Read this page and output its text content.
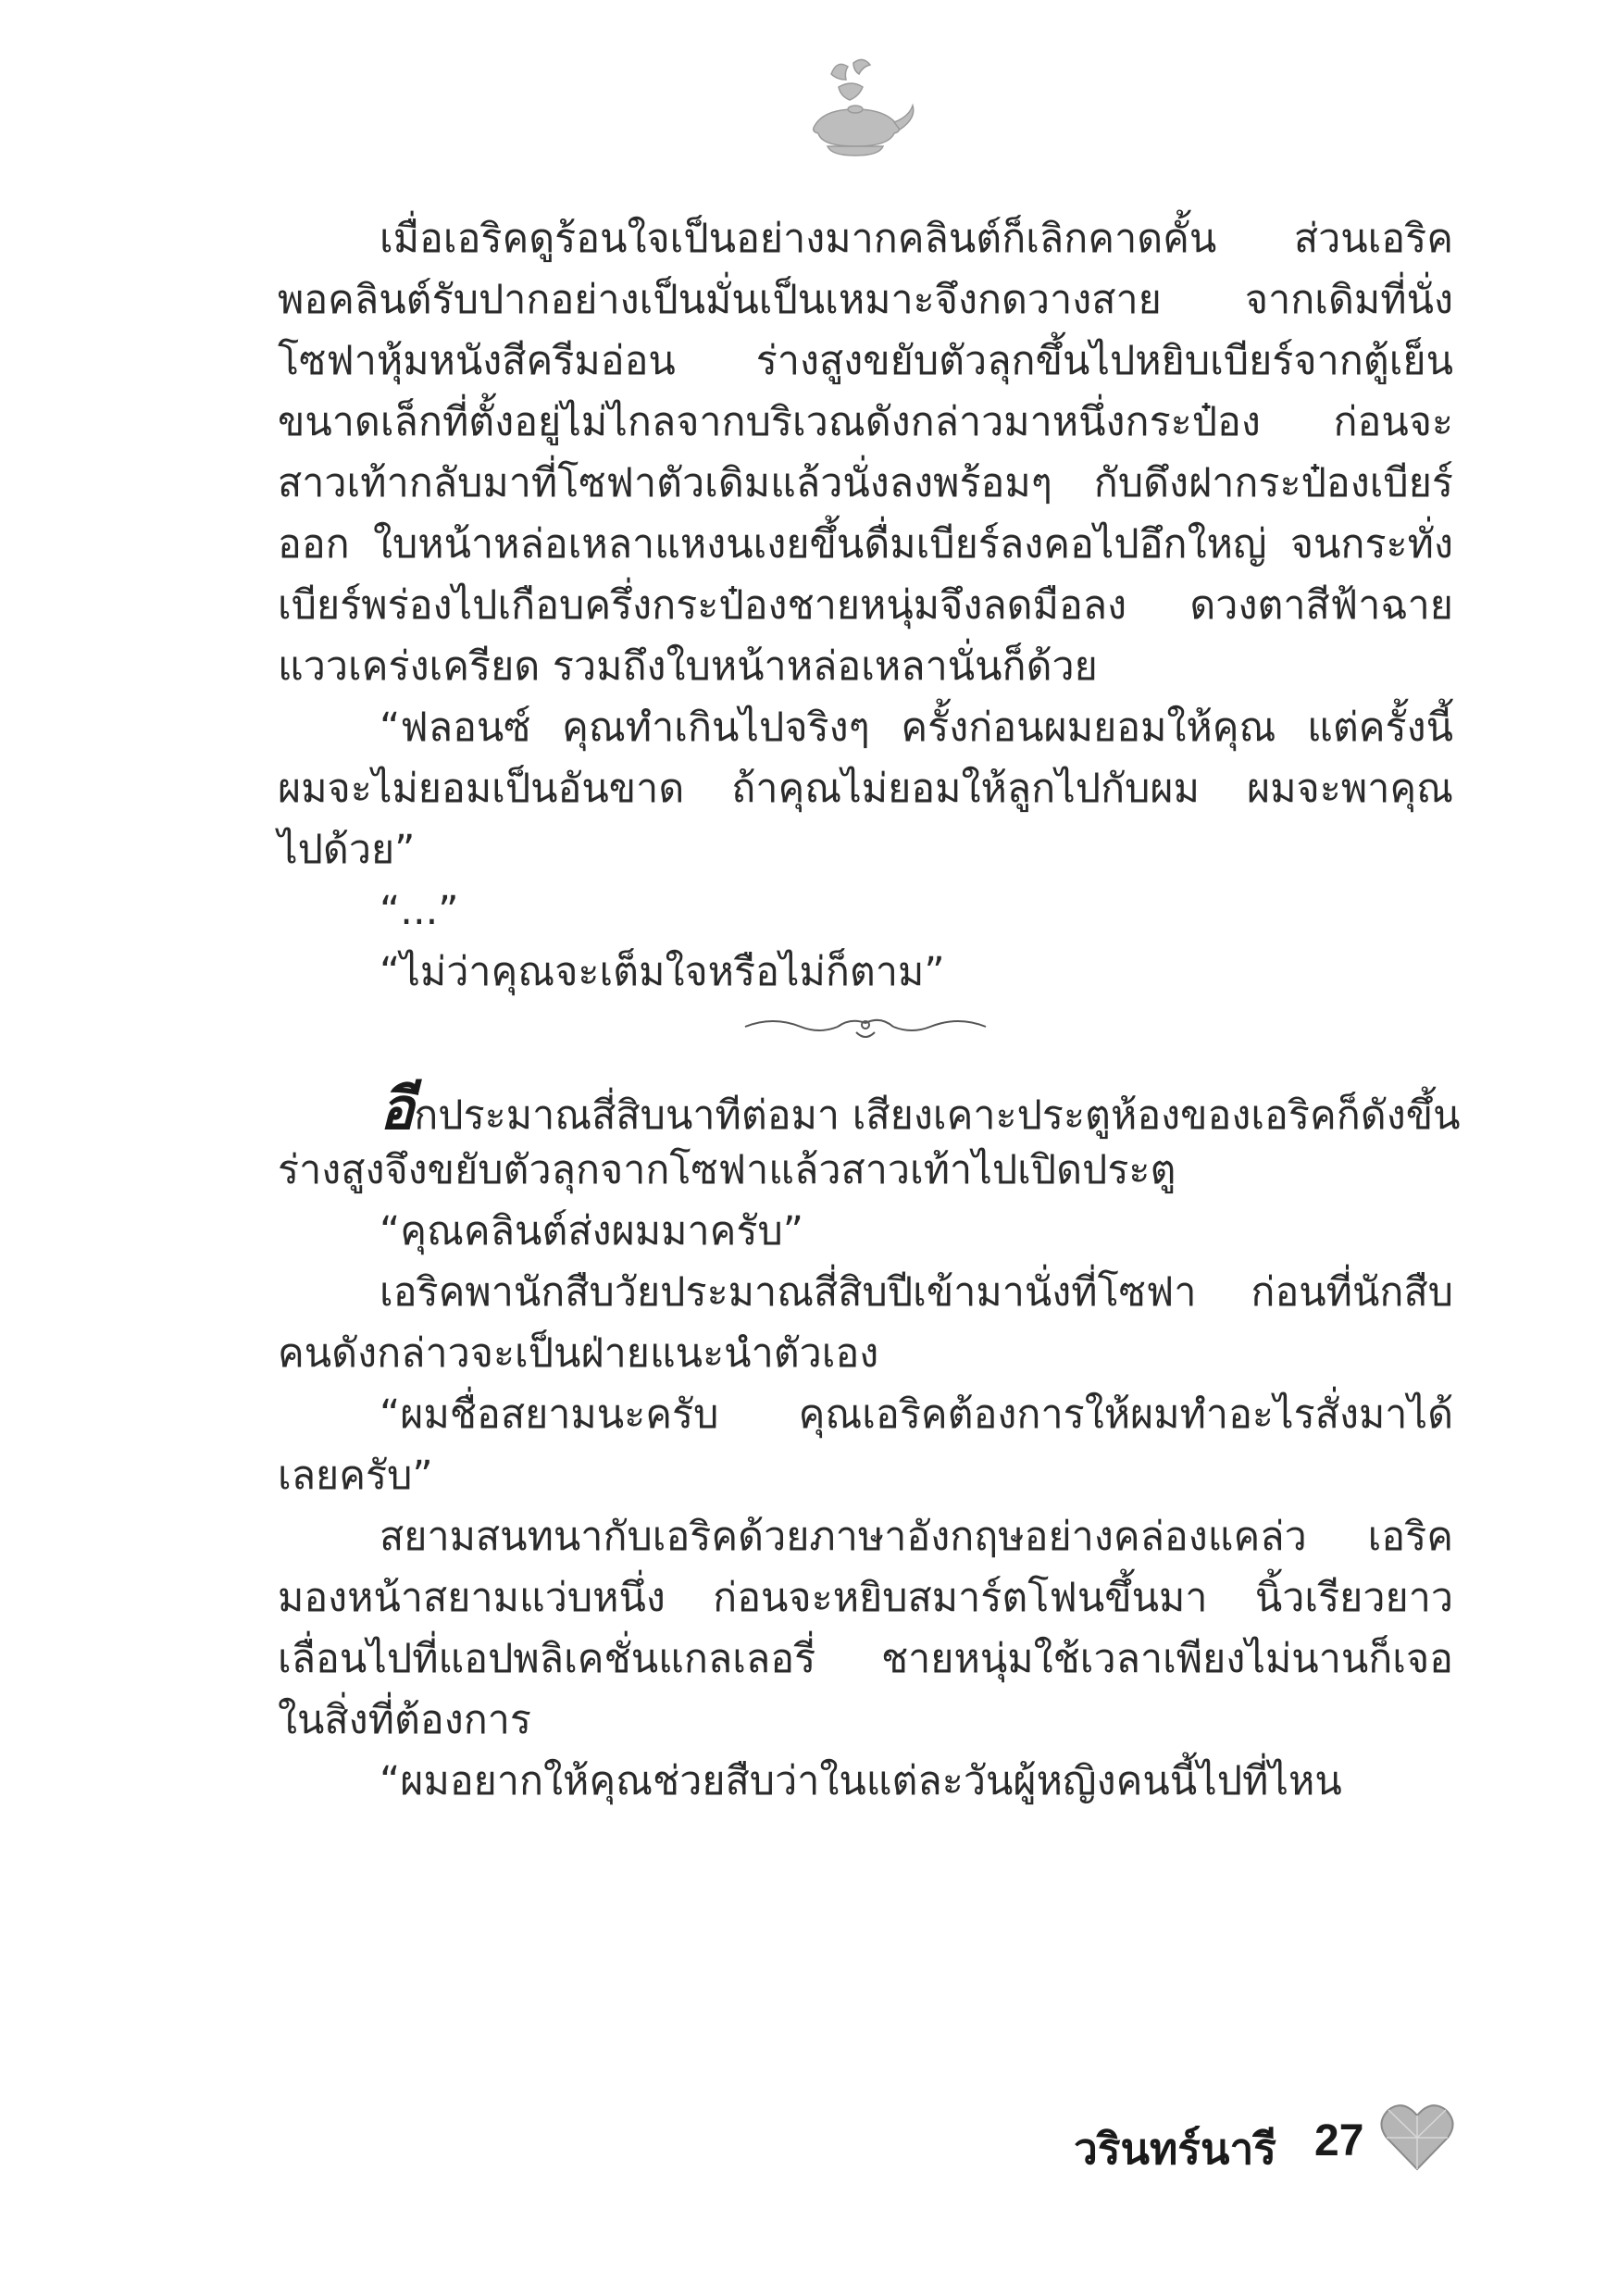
เมื่อเอริคดูร้อนใจเป็นอย่างมากคลินต์ก็เลิกคาดคั้น ส่วนเอริค
พอคลินต์รับปากอย่างเป็นมั่นเป็นเหมาะจึงกดวางสาย จากเดิมที่นั่ง
โซฟาหุ้มหนังสีครีมอ่อน ร่างสูงขยับตัวลุกขึ้นไปหยิบเบียร์จากตู้เย็น
ขนาดเล็กที่ตั้งอยู่ไม่ไกลจากบริเวณดังกล่าวมาหนึ่งกระป๋อง ก่อนจะ
สาวเท้ากลับมาที่โซฟาตัวเดิมแล้วนั่งลงพร้อมๆ กับดึงฝากระป๋องเบียร์
ออก ใบหน้าหล่อเหลาแหงนเงยขึ้นดื่มเบียร์ลงคอไปอึกใหญ่ จนกระทั่ง
เบียร์พร่องไปเกือบครึ่งกระป๋องชายหนุ่มจึงลดมือลง ดวงตาสีฟ้าฉาย
แววเคร่งเครียด รวมถึงใบหน้าหล่อเหลานั่นก็ด้วย
“ฟลอนซ์ คุณทำเกินไปจริงๆ ครั้งก่อนผมยอมให้คุณ แต่ครั้งนี้
ผมจะไม่ยอมเป็นอันขาด ถ้าคุณไม่ยอมให้ลูกไปกับผม ผมจะพาคุณ
ไปด้วย”
“...”
“ไม่ว่าคุณจะเต็มใจหรือไม่ก็ตาม”
อีกประมาณสี่สิบนาทีต่อมา เสียงเคาะประตูห้องของเอริคก็ดังขึ้น
ร่างสูงจึงขยับตัวลุกจากโซฟาแล้วสาวเท้าไปเปิดประตู
“คุณคลินต์ส่งผมมาครับ”
เอริคพานักสืบวัยประมาณสี่สิบปีเข้ามานั่งที่โซฟา ก่อนที่นักสืบ
คนดังกล่าวจะเป็นฝ่ายแนะนำตัวเอง
“ผมชื่อสยามนะครับ คุณเอริคต้องการให้ผมทำอะไรสั่งมาได้
เลยครับ”
สยามสนทนากับเอริคด้วยภาษาอังกฤษอย่างคล่องแคล่ว เอริค
มองหน้าสยามแว่บหนึ่ง ก่อนจะหยิบสมาร์ตโฟนขึ้นมา นิ้วเรียวยาว
เลื่อนไปที่แอปพลิเคชั่นแกลเลอรี่ ชายหนุ่มใช้เวลาเพียงไม่นานก็เจอ
ในสิ่งที่ต้องการ
“ผมอยากให้คุณช่วยสืบว่าในแต่ละวันผู้หญิงคนนี้ไปที่ไหน
วรินทร์นารี 27
